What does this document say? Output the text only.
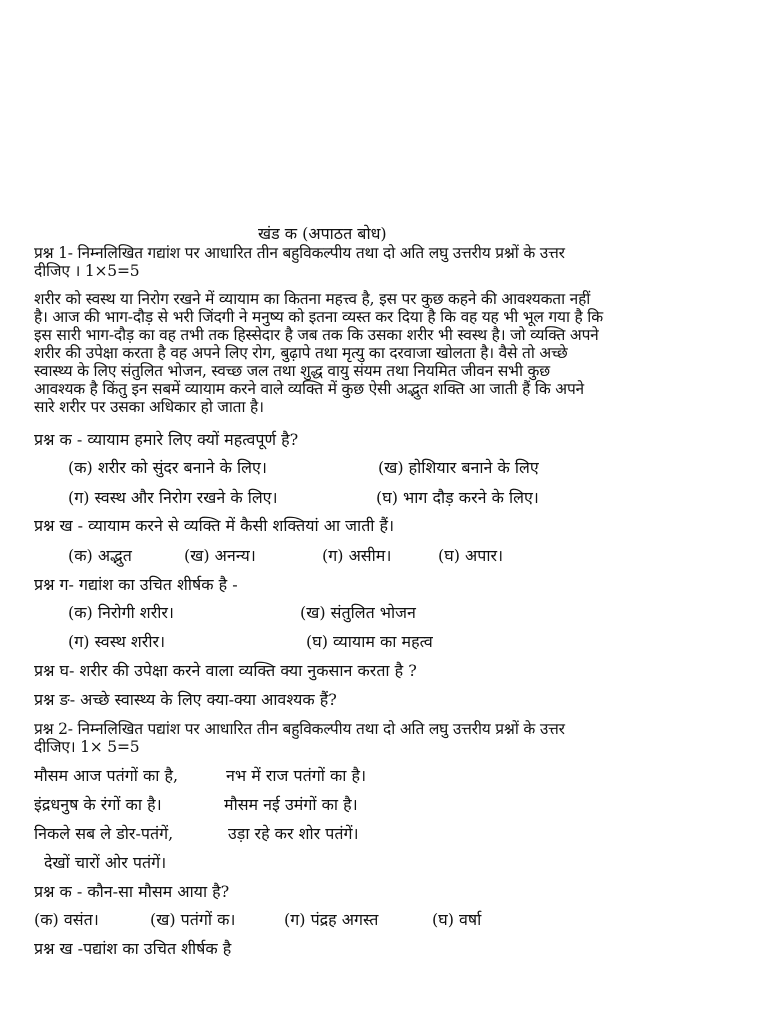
खंड क (अपाठत बोध)
प्रश्न 1- निम्नलिखित गद्यांश पर आधारित तीन बहुविकल्पीय तथा दो अति लघु उत्तरीय प्रश्नों के उत्तर
दीजिए । 1×5=5
शरीर को स्वस्थ या निरोग रखने में व्यायाम का कितना महत्त्व है, इस पर कुछ कहने की आवश्यकता नहीं
है। आज की भाग-दौड़ से भरी जिंदगी ने मनुष्य को इतना व्यस्त कर दिया है कि वह यह भी भूल गया है कि
इस सारी भाग-दौड़ का वह तभी तक हिस्सेदार है जब तक कि उसका शरीर भी स्वस्थ है। जो व्यक्ति अपने
शरीर की उपेक्षा करता है वह अपने लिए रोग, बुढ़ापे तथा मृत्यु का दरवाजा खोलता है। वैसे तो अच्छे
स्वास्थ्य के लिए संतुलित भोजन, स्वच्छ जल तथा शुद्ध वायु संयम तथा नियमित जीवन सभी कुछ
आवश्यक है किंतु इन सबमें व्यायाम करने वाले व्यक्ति में कुछ ऐसी अद्भुत शक्ति आ जाती हैं कि अपने
सारे शरीर पर उसका अधिकार हो जाता है।
प्रश्न क - व्यायाम हमारे लिए क्यों महत्वपूर्ण है?
(क) शरीर को सुंदर बनाने के लिए।	(ख) होशियार बनाने के लिए
(ग) स्वस्थ और निरोग रखने के लिए।	(घ) भाग दौड़ करने के लिए।
प्रश्न ख - व्यायाम करने से व्यक्ति में कैसी शक्तियां आ जाती हैं।
(क) अद्भुत	(ख) अनन्य।	(ग) असीम।	(घ) अपार।
प्रश्न ग- गद्यांश का उचित शीर्षक है -
(क) निरोगी शरीर।	(ख) संतुलित भोजन
(ग) स्वस्थ शरीर।	(घ) व्यायाम का महत्व
प्रश्न घ- शरीर की उपेक्षा करने वाला व्यक्ति क्या नुकसान करता है ?
प्रश्न ङ- अच्छे स्वास्थ्य के लिए क्या-क्या आवश्यक हैं?
प्रश्न 2- निम्नलिखित पद्यांश पर आधारित तीन बहुविकल्पीय तथा दो अति लघु उत्तरीय प्रश्नों के उत्तर
दीजिए। 1× 5=5
मौसम आज पतंगों का है,	नभ में राज पतंगों का है।
इंद्रधनुष के रंगों का है।	मौसम नई उमंगों का है।
निकले सब ले डोर-पतंगें,	उड़ा रहे कर शोर पतंगें।
देखों चारों ओर पतंगें।
प्रश्न क - कौन-सा मौसम आया है?
(क) वसंत।	(ख) पतंगों क।	(ग) पंद्रह अगस्त	(घ) वर्षा
प्रश्न ख -पद्यांश का उचित शीर्षक है
